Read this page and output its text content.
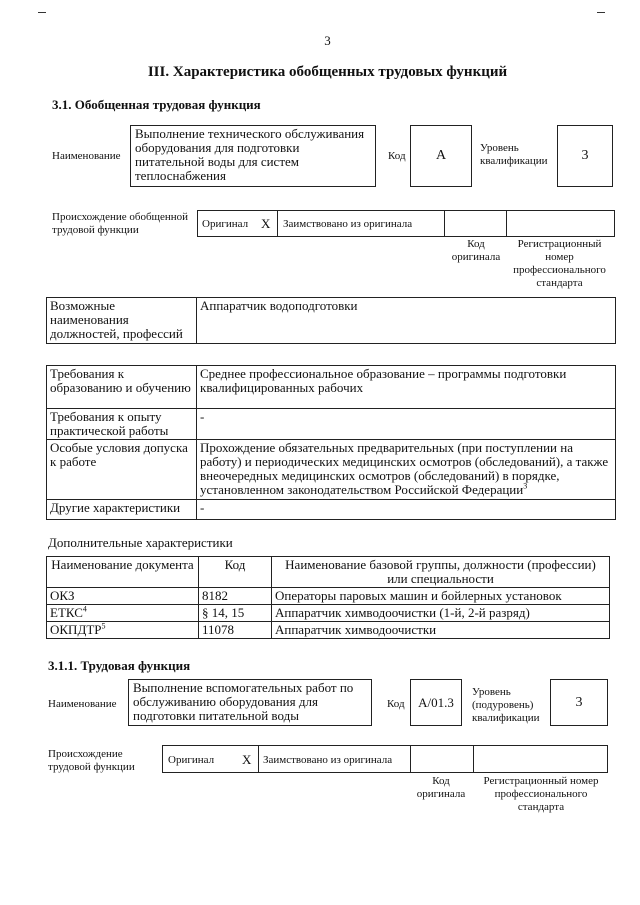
3
III. Характеристика обобщенных трудовых функций
3.1. Обобщенная трудовая функция
Наименование
Выполнение технического обслуживания оборудования для подготовки питательной воды для систем теплоснабжения
Код	A	Уровень квалификации	3
Происхождение обобщенной трудовой функции	Оригинал X Заимствовано из оригинала
Код оригинала
Регистрационный номер профессионального стандарта
Возможные наименования должностей, профессий	Аппаратчик водоподготовки
Требования к образованию и обучению	Среднее профессиональное образование – программы подготовки квалифицированных рабочих
Требования к опыту практической работы	-
Особые условия допуска к работе	Прохождение обязательных предварительных (при поступлении на работу) и периодических медицинских осмотров (обследований), а также внеочередных медицинских осмотров (обследований) в порядке, установленном законодательством Российской Федерации$^3$
Другие характеристики	-
Дополнительные характеристики
Наименование документа	Код	Наименование базовой группы, должности (профессии) или специальности
ОКЗ	8182	Операторы паровых машин и бойлерных установок
ЕТКС$^4$	§ 14, 15	Аппаратчик химводоочистки (1-й, 2-й разряд)
ОКПДТР$^5$	11078	Аппаратчик химводоочистки
3.1.1. Трудовая функция
Наименование
Выполнение вспомогательных работ по обслуживанию оборудования для подготовки питательной воды
Код	A/01.3
Уровень (подуровень) квалификации
3
Происхождение трудовой функции
Оригинал X Заимствовано из оригинала
Код оригинала
Регистрационный номер профессионального стандарта
